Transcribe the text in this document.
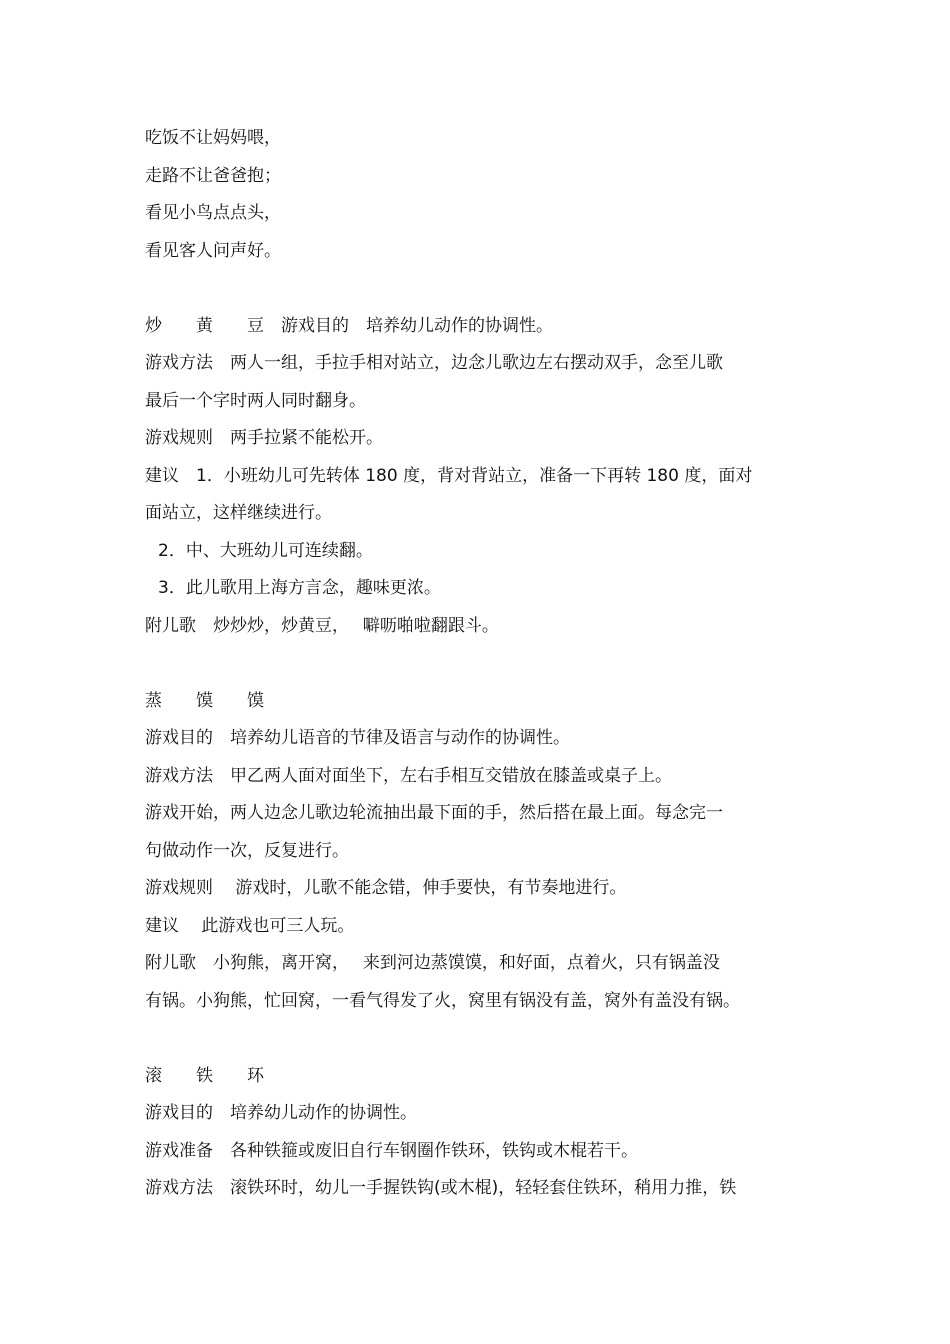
吃饭不让妈妈喂，
走路不让爸爸抱；
看见小鸟点点头，
看见客人问声好。
炒　　黄　　豆　游戏目的　培养幼儿动作的协调性。
游戏方法　两人一组，手拉手相对站立，边念儿歌边左右摆动双手，念至儿歌
最后一个字时两人同时翻身。
游戏规则　两手拉紧不能松开。
建议　1．小班幼儿可先转体 180 度，背对背站立，准备一下再转 180 度，面对
面站立，这样继续进行。
2．中、大班幼儿可连续翻。
3．此儿歌用上海方言念，趣味更浓。
附儿歌　炒炒炒，炒黄豆，　 噼呖啪啦翻跟斗。
蒸　　馍　　馍
游戏目的　培养幼儿语音的节律及语言与动作的协调性。
游戏方法　甲乙两人面对面坐下，左右手相互交错放在膝盖或桌子上。
游戏开始，两人边念儿歌边轮流抽出最下面的手，然后搭在最上面。每念完一
句做动作一次，反复进行。
游戏规则　 游戏时，儿歌不能念错，伸手要快，有节奏地进行。
建议　 此游戏也可三人玩。
附儿歌　小狗熊，离开窝，　 来到河边蒸馍馍，和好面，点着火，只有锅盖没
有锅。小狗熊，忙回窝，一看气得发了火，窝里有锅没有盖，窝外有盖没有锅。
滚　　铁　　环
游戏目的　培养幼儿动作的协调性。
游戏准备　各种铁箍或废旧自行车钢圈作铁环，铁钩或木棍若干。
游戏方法　滚铁环时，幼儿一手握铁钩(或木棍)，轻轻套住铁环，稍用力推，铁
